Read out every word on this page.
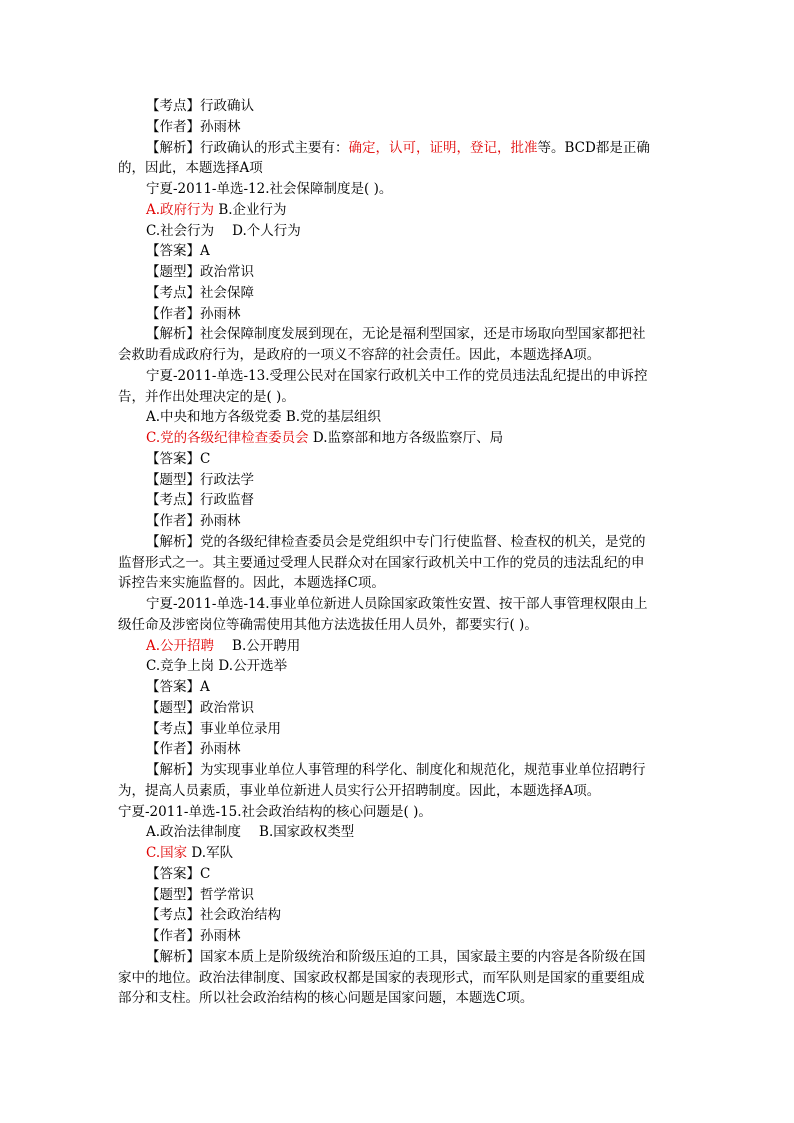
【考点】行政确认
【作者】孙雨林
【解析】行政确认的形式主要有：确定，认可，证明，登记，批准等。BCD都是正确
的，因此，本题选择A项
宁夏-2011-单选-12.社会保障制度是( )。
A.政府行为 B.企业行为
C.社会行为 D.个人行为
【答案】A
【题型】政治常识
【考点】社会保障
【作者】孙雨林
【解析】社会保障制度发展到现在，无论是福利型国家，还是市场取向型国家都把社
会救助看成政府行为，是政府的一项义不容辞的社会责任。因此，本题选择A项。
宁夏-2011-单选-13.受理公民对在国家行政机关中工作的党员违法乱纪提出的申诉控
告，并作出处理决定的是( )。
A.中央和地方各级党委 B.党的基层组织
C.党的各级纪律检查委员会 D.监察部和地方各级监察厅、局
【答案】C
【题型】行政法学
【考点】行政监督
【作者】孙雨林
【解析】党的各级纪律检查委员会是党组织中专门行使监督、检查权的机关，是党的
监督形式之一。其主要通过受理人民群众对在国家行政机关中工作的党员的违法乱纪的申
诉控告来实施监督的。因此，本题选择C项。
宁夏-2011-单选-14.事业单位新进人员除国家政策性安置、按干部人事管理权限由上
级任命及涉密岗位等确需使用其他方法选拔任用人员外，都要实行( )。
A.公开招聘 B.公开聘用
C.竞争上岗 D.公开选举
【答案】A
【题型】政治常识
【考点】事业单位录用
【作者】孙雨林
【解析】为实现事业单位人事管理的科学化、制度化和规范化，规范事业单位招聘行
为，提高人员素质，事业单位新进人员实行公开招聘制度。因此，本题选择A项。
宁夏-2011-单选-15.社会政治结构的核心问题是( )。
A.政治法律制度 B.国家政权类型
C.国家 D.军队
【答案】C
【题型】哲学常识
【考点】社会政治结构
【作者】孙雨林
【解析】国家本质上是阶级统治和阶级压迫的工具，国家最主要的内容是各阶级在国
家中的地位。政治法律制度、国家政权都是国家的表现形式，而军队则是国家的重要组成
部分和支柱。所以社会政治结构的核心问题是国家问题，本题选C项。
